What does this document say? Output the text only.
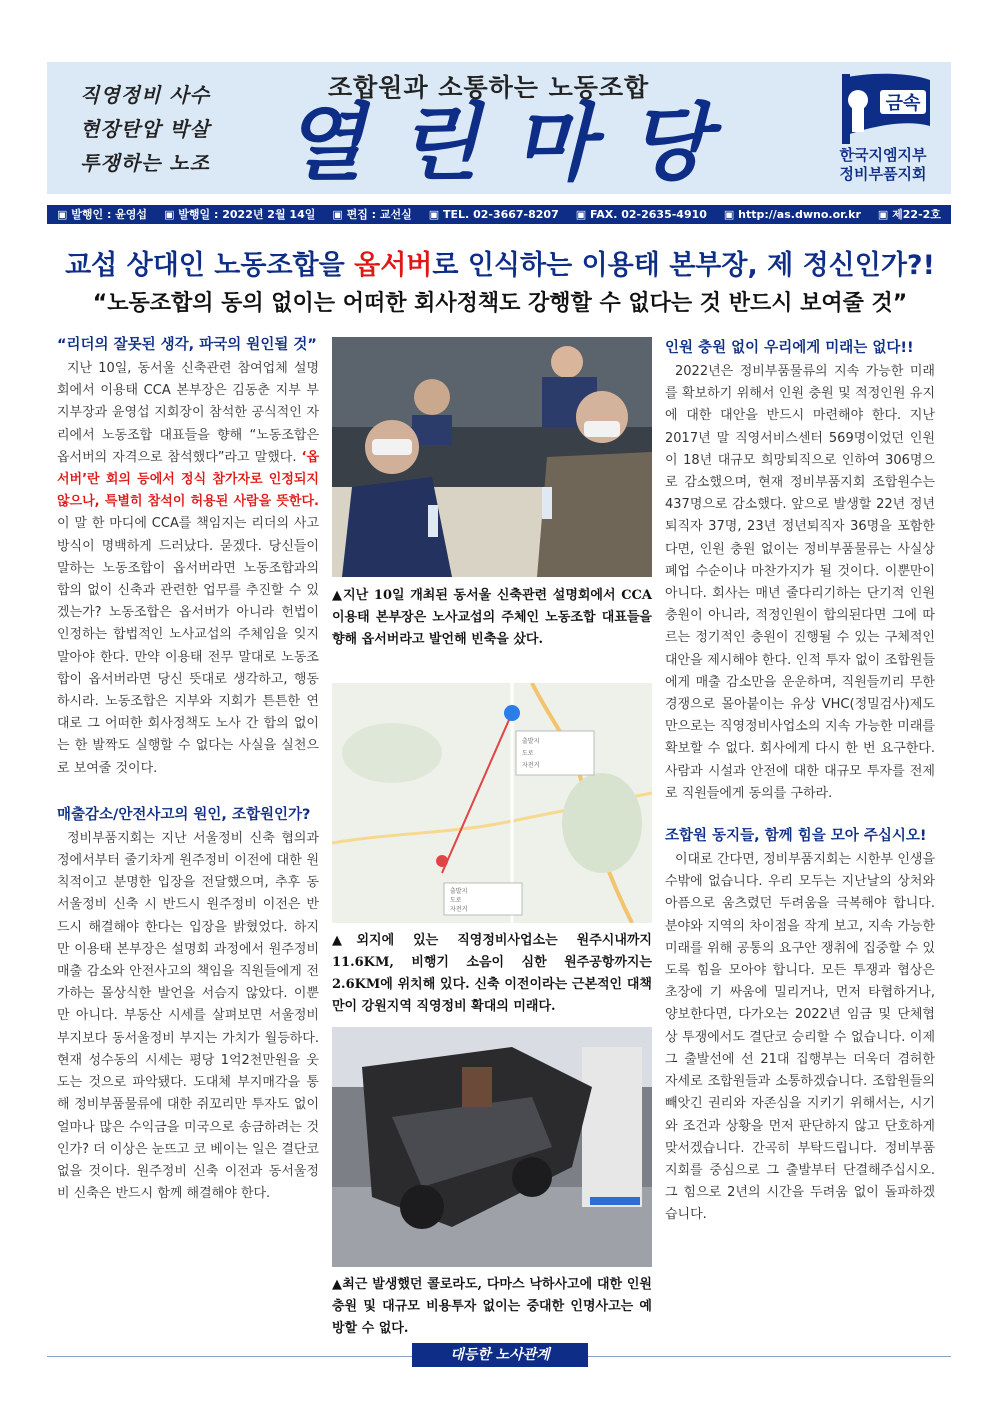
직영정비 사수
현장탄압 박살
투쟁하는 노조
조합원과 소통하는 노동조합
열린마당	금속
한국지엠지부
정비부품지회
▣ 발행인 : 윤영섭	▣ 발행일 : 2022년 2월 14일	▣ 편집 : 교선실	▣ TEL. 02-3667-8207	▣ FAX. 02-2635-4910	▣ http://as.dwno.or.kr	▣ 제22-2호
교섭 상대인 노동조합을 옵서버로 인식하는 이용태 본부장, 제 정신인가?!
“노동조합의 동의 없이는 어떠한 회사정책도 강행할 수 없다는 것 반드시 보여줄 것”
“리더의 잘못된 생각, 파국의 원인될 것”

지난 10일, 동서울 신축관련 참여업체 설명회에서 이용태 CCA 본부장은 김동춘 지부 부지부장과 윤영섭 지회장이 참석한 공식적인 자리에서 노동조합 대표들을 향해 “노동조합은 옵서버의 자격으로 참석했다”라고 말했다. ‘옵서버’란 회의 등에서 정식 참가자로 인정되지 않으나, 특별히 참석이 허용된 사람을 뜻한다. 이 말 한 마디에 CCA를 책임지는 리더의 사고방식이 명백하게 드러났다. 묻겠다. 당신들이 말하는 노동조합이 옵서버라면 노동조합과의 합의 없이 신축과 관련한 업무를 추진할 수 있겠는가? 노동조합은 옵서버가 아니라 헌법이 인정하는 합법적인 노사교섭의 주체임을 잊지 말아야 한다. 만약 이용태 전무 말대로 노동조합이 옵서버라면 당신 뜻대로 생각하고, 행동하시라. 노동조합은 지부와 지회가 튼튼한 연대로 그 어떠한 회사정책도 노사 간 합의 없이는 한 발짝도 실행할 수 없다는 사실을 실천으로 보여줄 것이다.

매출감소/안전사고의 원인, 조합원인가?

정비부품지회는 지난 서울정비 신축 협의과정에서부터 줄기차게 원주정비 이전에 대한 원칙적이고 분명한 입장을 전달했으며, 추후 동서울정비 신축 시 반드시 원주정비 이전은 반드시 해결해야 한다는 입장을 밝혔었다. 하지만 이용태 본부장은 설명회 과정에서 원주정비 매출 감소와 안전사고의 책임을 직원들에게 전가하는 몰상식한 발언을 서슴지 않았다. 이뿐만 아니다. 부동산 시세를 살펴보면 서울정비 부지보다 동서울정비 부지는 가치가 월등하다. 현재 성수동의 시세는 평당 1억2천만원을 웃도는 것으로 파악됐다. 도대체 부지매각을 통해 정비부품물류에 대한 쥐꼬리만 투자도 없이 얼마나 많은 수익금을 미국으로 송금하려는 것인가? 더 이상은 눈뜨고 코 베이는 일은 결단코 없을 것이다. 원주정비 신축 이전과 동서울정비 신축은 반드시 함께 해결해야 한다.

▲지난 10일 개최된 동서울 신축관련 설명회에서 CCA 이용태 본부장은 노사교섭의 주체인 노동조합 대표들을 향해 옵서버라고 발언해 빈축을 샀다.
출발지
도로
자전거
출발지
도로
자전거
▲외지에 있는 직영정비사업소는 원주시내까지 11.6KM, 비행기 소음이 심한 원주공항까지는 2.6KM에 위치해 있다. 신축 이전이라는 근본적인 대책만이 강원지역 직영정비 확대의 미래다.
▲최근 발생했던 콜로라도, 다마스 낙하사고에 대한 인원충원 및 대규모 비용투자 없이는 중대한 인명사고는 예방할 수 없다.
인원 충원 없이 우리에게 미래는 없다!!

2022년은 정비부품물류의 지속 가능한 미래를 확보하기 위해서 인원 충원 및 적정인원 유지에 대한 대안을 반드시 마련해야 한다. 지난 2017년 말 직영서비스센터 569명이었던 인원이 18년 대규모 희망퇴직으로 인하여 306명으로 감소했으며, 현재 정비부품지회 조합원수는 437명으로 감소했다. 앞으로 발생할 22년 정년퇴직자 37명, 23년 정년퇴직자 36명을 포함한다면, 인원 충원 없이는 정비부품물류는 사실상 폐업 수순이나 마찬가지가 될 것이다. 이뿐만이 아니다. 회사는 매년 줄다리기하는 단기적 인원충원이 아니라, 적정인원이 합의된다면 그에 따르는 정기적인 충원이 진행될 수 있는 구체적인 대안을 제시해야 한다. 인적 투자 없이 조합원들에게 매출 감소만을 운운하며, 직원들끼리 무한경쟁으로 몰아붙이는 유상 VHC(정밀검사)제도 만으로는 직영정비사업소의 지속 가능한 미래를 확보할 수 없다. 회사에게 다시 한 번 요구한다. 사람과 시설과 안전에 대한 대규모 투자를 전제로 직원들에게 동의를 구하라.

조합원 동지들, 함께 힘을 모아 주십시오!

이대로 간다면, 정비부품지회는 시한부 인생을 수밖에 없습니다. 우리 모두는 지난날의 상처와 아픔으로 움츠렸던 두려움을 극복해야 합니다. 분야와 지역의 차이점을 작게 보고, 지속 가능한 미래를 위해 공통의 요구안 쟁취에 집중할 수 있도록 힘을 모아야 합니다. 모든 투쟁과 협상은 초장에 기 싸움에 밀리거나, 먼저 타협하거나, 양보한다면, 다가오는 2022년 임금 및 단체협상 투쟁에서도 결단코 승리할 수 없습니다. 이제 그 출발선에 선 21대 집행부는 더욱더 겸허한 자세로 조합원들과 소통하겠습니다. 조합원들의 빼앗긴 권리와 자존심을 지키기 위해서는, 시기와 조건과 상황을 먼저 판단하지 않고 단호하게 맞서겠습니다. 간곡히 부탁드립니다. 정비부품지회를 중심으로 그 출발부터 단결해주십시오. 그 힘으로 2년의 시간을 두려움 없이 돌파하겠습니다.

대등한 노사관계
